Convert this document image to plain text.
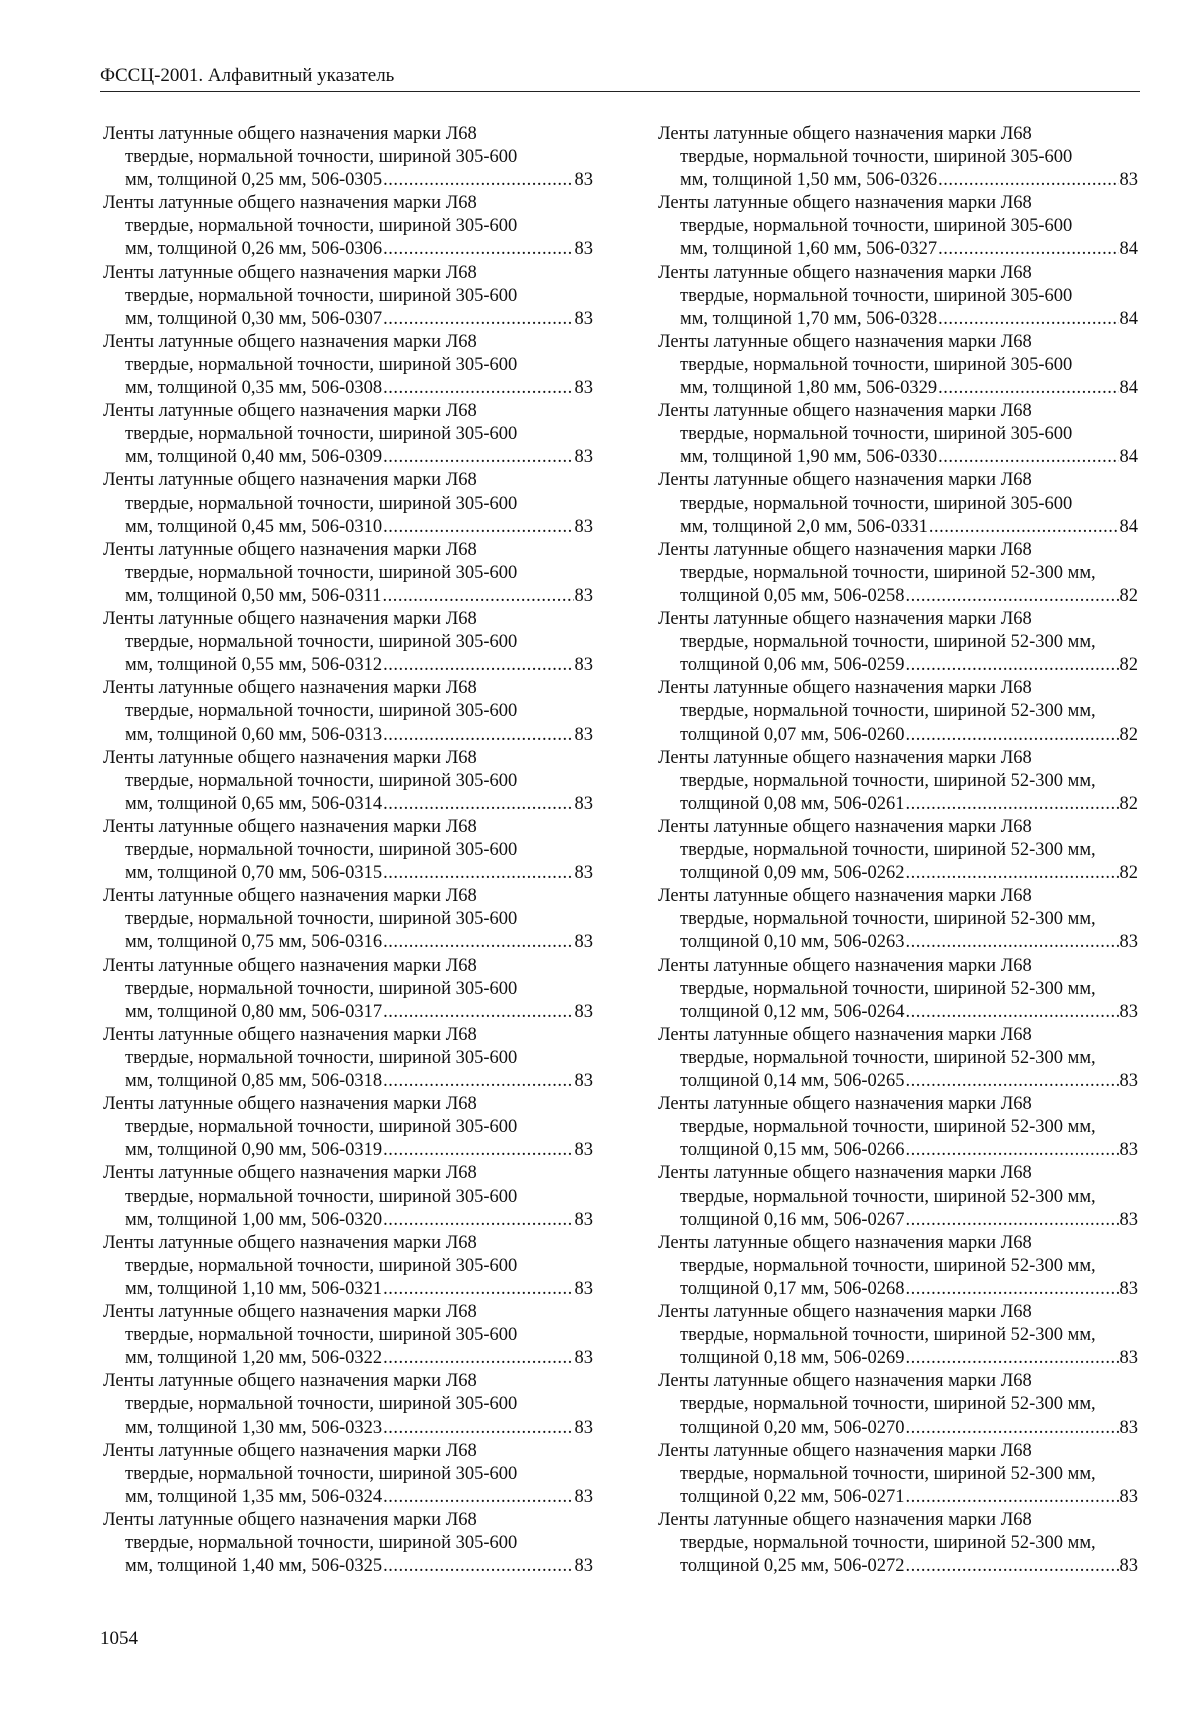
ФССЦ-2001. Алфавитный указатель
Ленты латунные общего назначения марки Л68
твердые, нормальной точности, шириной 305-600
мм, толщиной 0,25 мм, 506-0305 .....	83
Ленты латунные общего назначения марки Л68
твердые, нормальной точности, шириной 305-600
мм, толщиной 0,26 мм, 506-0306 .....	83
Ленты латунные общего назначения марки Л68
твердые, нормальной точности, шириной 305-600
мм, толщиной 0,30 мм, 506-0307 .....	83
Ленты латунные общего назначения марки Л68
твердые, нормальной точности, шириной 305-600
мм, толщиной 0,35 мм, 506-0308 .....	83
Ленты латунные общего назначения марки Л68
твердые, нормальной точности, шириной 305-600
мм, толщиной 0,40 мм, 506-0309 .....	83
Ленты латунные общего назначения марки Л68
твердые, нормальной точности, шириной 305-600
мм, толщиной 0,45 мм, 506-0310 .....	83
Ленты латунные общего назначения марки Л68
твердые, нормальной точности, шириной 305-600
мм, толщиной 0,50 мм, 506-0311 .....	83
Ленты латунные общего назначения марки Л68
твердые, нормальной точности, шириной 305-600
мм, толщиной 0,55 мм, 506-0312 .....	83
Ленты латунные общего назначения марки Л68
твердые, нормальной точности, шириной 305-600
мм, толщиной 0,60 мм, 506-0313 .....	83
Ленты латунные общего назначения марки Л68
твердые, нормальной точности, шириной 305-600
мм, толщиной 0,65 мм, 506-0314 .....	83
Ленты латунные общего назначения марки Л68
твердые, нормальной точности, шириной 305-600
мм, толщиной 0,70 мм, 506-0315 .....	83
Ленты латунные общего назначения марки Л68
твердые, нормальной точности, шириной 305-600
мм, толщиной 0,75 мм, 506-0316 .....	83
Ленты латунные общего назначения марки Л68
твердые, нормальной точности, шириной 305-600
мм, толщиной 0,80 мм, 506-0317 .....	83
Ленты латунные общего назначения марки Л68
твердые, нормальной точности, шириной 305-600
мм, толщиной 0,85 мм, 506-0318 .....	83
Ленты латунные общего назначения марки Л68
твердые, нормальной точности, шириной 305-600
мм, толщиной 0,90 мм, 506-0319 .....	83
Ленты латунные общего назначения марки Л68
твердые, нормальной точности, шириной 305-600
мм, толщиной 1,00 мм, 506-0320 .....	83
Ленты латунные общего назначения марки Л68
твердые, нормальной точности, шириной 305-600
мм, толщиной 1,10 мм, 506-0321 .....	83
Ленты латунные общего назначения марки Л68
твердые, нормальной точности, шириной 305-600
мм, толщиной 1,20 мм, 506-0322 .....	83
Ленты латунные общего назначения марки Л68
твердые, нормальной точности, шириной 305-600
мм, толщиной 1,30 мм, 506-0323 .....	83
Ленты латунные общего назначения марки Л68
твердые, нормальной точности, шириной 305-600
мм, толщиной 1,35 мм, 506-0324 .....	83
Ленты латунные общего назначения марки Л68
твердые, нормальной точности, шириной 305-600
мм, толщиной 1,40 мм, 506-0325 .....	83
Ленты латунные общего назначения марки Л68
твердые, нормальной точности, шириной 305-600
мм, толщиной 1,50 мм, 506-0326 .....	83
Ленты латунные общего назначения марки Л68
твердые, нормальной точности, шириной 305-600
мм, толщиной 1,60 мм, 506-0327 .....	84
Ленты латунные общего назначения марки Л68
твердые, нормальной точности, шириной 305-600
мм, толщиной 1,70 мм, 506-0328 .....	84
Ленты латунные общего назначения марки Л68
твердые, нормальной точности, шириной 305-600
мм, толщиной 1,80 мм, 506-0329 .....	84
Ленты латунные общего назначения марки Л68
твердые, нормальной точности, шириной 305-600
мм, толщиной 1,90 мм, 506-0330 .....	84
Ленты латунные общего назначения марки Л68
твердые, нормальной точности, шириной 305-600
мм, толщиной 2,0 мм, 506-0331 .....	84
Ленты латунные общего назначения марки Л68
твердые, нормальной точности, шириной 52-300 мм,
толщиной 0,05 мм, 506-0258 .....	82
Ленты латунные общего назначения марки Л68
твердые, нормальной точности, шириной 52-300 мм,
толщиной 0,06 мм, 506-0259 .....	82
Ленты латунные общего назначения марки Л68
твердые, нормальной точности, шириной 52-300 мм,
толщиной 0,07 мм, 506-0260 .....	82
Ленты латунные общего назначения марки Л68
твердые, нормальной точности, шириной 52-300 мм,
толщиной 0,08 мм, 506-0261 .....	82
Ленты латунные общего назначения марки Л68
твердые, нормальной точности, шириной 52-300 мм,
толщиной 0,09 мм, 506-0262 .....	82
Ленты латунные общего назначения марки Л68
твердые, нормальной точности, шириной 52-300 мм,
толщиной 0,10 мм, 506-0263 .....	83
Ленты латунные общего назначения марки Л68
твердые, нормальной точности, шириной 52-300 мм,
толщиной 0,12 мм, 506-0264 .....	83
Ленты латунные общего назначения марки Л68
твердые, нормальной точности, шириной 52-300 мм,
толщиной 0,14 мм, 506-0265 .....	83
Ленты латунные общего назначения марки Л68
твердые, нормальной точности, шириной 52-300 мм,
толщиной 0,15 мм, 506-0266 .....	83
Ленты латунные общего назначения марки Л68
твердые, нормальной точности, шириной 52-300 мм,
толщиной 0,16 мм, 506-0267 .....	83
Ленты латунные общего назначения марки Л68
твердые, нормальной точности, шириной 52-300 мм,
толщиной 0,17 мм, 506-0268 .....	83
Ленты латунные общего назначения марки Л68
твердые, нормальной точности, шириной 52-300 мм,
толщиной 0,18 мм, 506-0269 .....	83
Ленты латунные общего назначения марки Л68
твердые, нормальной точности, шириной 52-300 мм,
толщиной 0,20 мм, 506-0270 .....	83
Ленты латунные общего назначения марки Л68
твердые, нормальной точности, шириной 52-300 мм,
толщиной 0,22 мм, 506-0271 .....	83
Ленты латунные общего назначения марки Л68
твердые, нормальной точности, шириной 52-300 мм,
толщиной 0,25 мм, 506-0272 .....	83
1054
